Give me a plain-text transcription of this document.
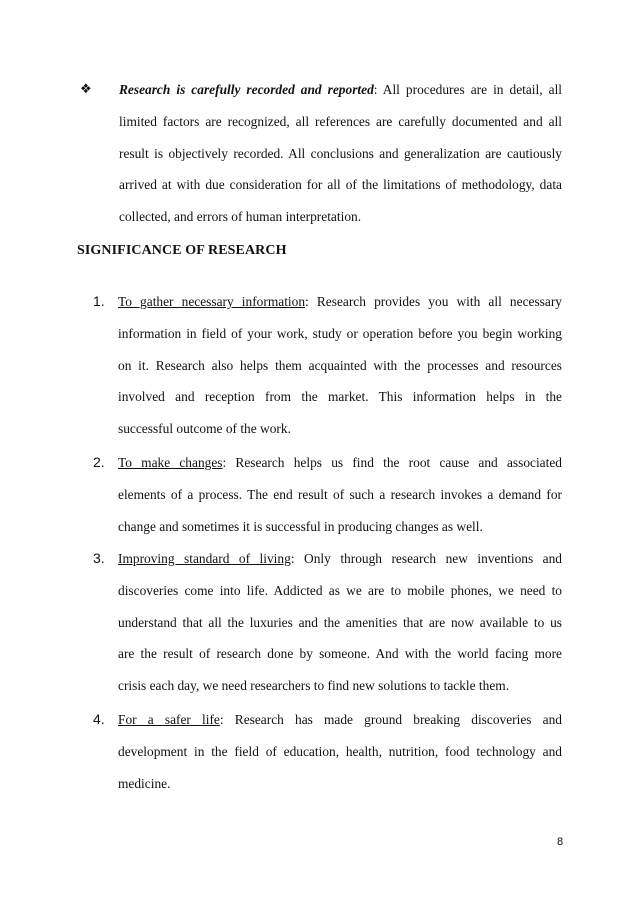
❖ Research is carefully recorded and reported: All procedures are in detail, all
limited factors are recognized, all references are carefully documented and all
result is objectively recorded. All conclusions and generalization are cautiously
arrived at with due consideration for all of the limitations of methodology, data
collected, and errors of human interpretation.
SIGNIFICANCE OF RESEARCH
1. To gather necessary information: Research provides you with all necessary
information in field of your work, study or operation before you begin working
on it. Research also helps them acquainted with the processes and resources
involved and reception from the market. This information helps in the
successful outcome of the work.
2. To make changes: Research helps us find the root cause and associated
elements of a process. The end result of such a research invokes a demand for
change and sometimes it is successful in producing changes as well.
3. Improving standard of living: Only through research new inventions and
discoveries come into life. Addicted as we are to mobile phones, we need to
understand that all the luxuries and the amenities that are now available to us
are the result of research done by someone. And with the world facing more
crisis each day, we need researchers to find new solutions to tackle them.
4. For a safer life: Research has made ground breaking discoveries and
development in the field of education, health, nutrition, food technology and
medicine.
8
